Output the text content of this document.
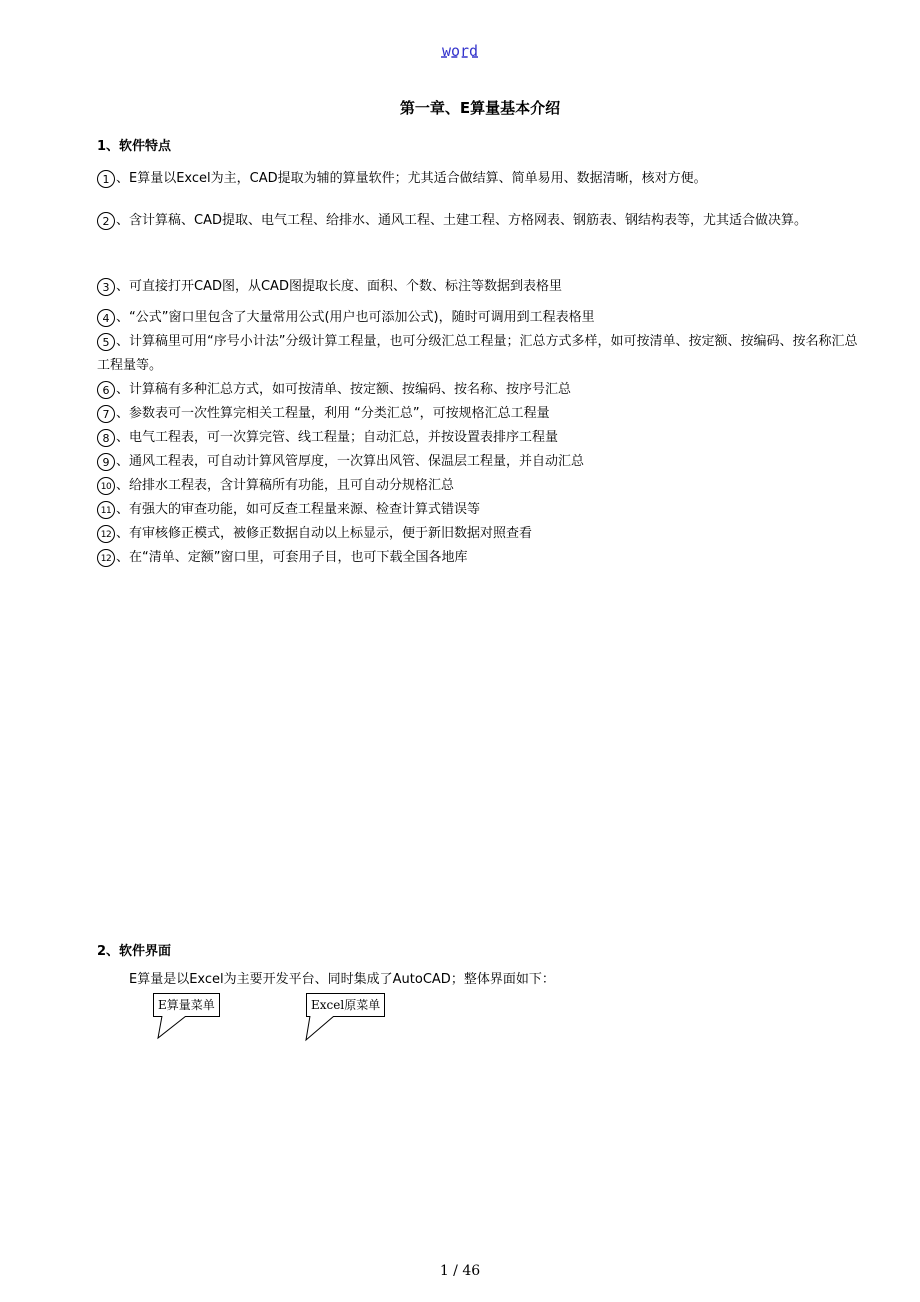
word
第一章、E算量基本介绍
1、软件特点
1 、E算量以Excel为主，CAD提取为辅的算量软件；尤其适合做结算、简单易用、数据清晰，核对方便。
2 、含计算稿、CAD提取、电气工程、给排水、通风工程、土建工程、方格网表、钢筋表、钢结构表等，尤其适合做决算。
3 、可直接打开CAD图，从CAD图提取长度、面积、个数、标注等数据到表格里
4 、“公式”窗口里包含了大量常用公式(用户也可添加公式)，随时可调用到工程表格里
5 、计算稿里可用“序号小计法”分级计算工程量，也可分级汇总工程量；汇总方式多样，如可按清单、按定额、按编码、按名称汇总工程量等。
6 、计算稿有多种汇总方式，如可按清单、按定额、按编码、按名称、按序号汇总
7 、参数表可一次性算完相关工程量，利用 “分类汇总”，可按规格汇总工程量
8 、电气工程表，可一次算完管、线工程量；自动汇总，并按设置表排序工程量
9 、通风工程表，可自动计算风管厚度，一次算出风管、保温层工程量，并自动汇总
10 、给排水工程表，含计算稿所有功能，且可自动分规格汇总
11 、有强大的审查功能，如可反查工程量来源、检查计算式错误等
12 、有审核修正模式，被修正数据自动以上标显示，便于新旧数据对照查看
12 、在“清单、定额”窗口里，可套用子目，也可下载全国各地库
2、软件界面
E算量是以Excel为主要开发平台、同时集成了AutoCAD；整体界面如下：
E算量菜单	Excel原菜单
1 / 46
